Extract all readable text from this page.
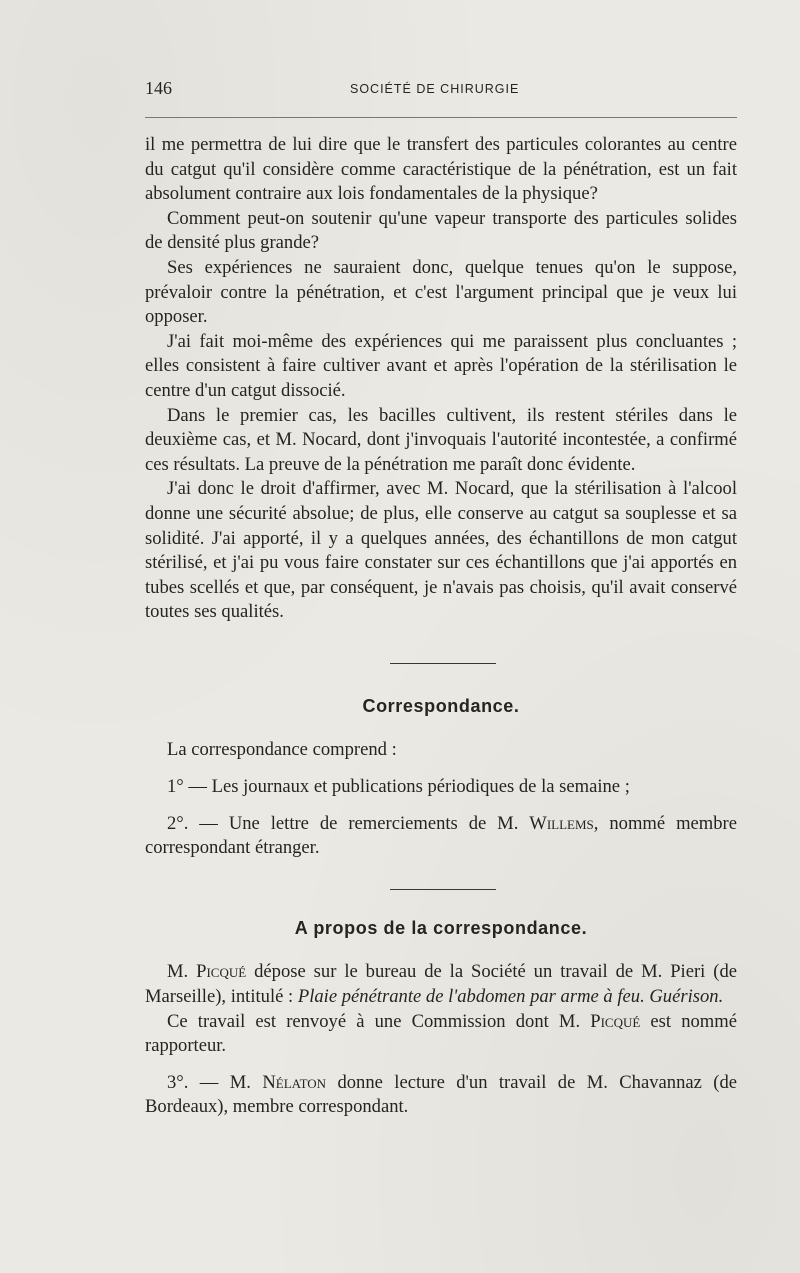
146	SOCIÉTÉ DE CHIRURGIE

il me permettra de lui dire que le transfert des particules colorantes au centre du catgut qu'il considère comme caractéristique de la pénétration, est un fait absolument contraire aux lois fondamentales de la physique?

Comment peut-on soutenir qu'une vapeur transporte des particules solides de densité plus grande?

Ses expériences ne sauraient donc, quelque tenues qu'on le suppose, prévaloir contre la pénétration, et c'est l'argument principal que je veux lui opposer.

J'ai fait moi-même des expériences qui me paraissent plus concluantes ; elles consistent à faire cultiver avant et après l'opération de la stérilisation le centre d'un catgut dissocié.

Dans le premier cas, les bacilles cultivent, ils restent stériles dans le deuxième cas, et M. Nocard, dont j'invoquais l'autorité incontestée, a confirmé ces résultats. La preuve de la pénétration me paraît donc évidente.

J'ai donc le droit d'affirmer, avec M. Nocard, que la stérilisation à l'alcool donne une sécurité absolue; de plus, elle conserve au catgut sa souplesse et sa solidité. J'ai apporté, il y a quelques années, des échantillons de mon catgut stérilisé, et j'ai pu vous faire constater sur ces échantillons que j'ai apportés en tubes scellés et que, par conséquent, je n'avais pas choisis, qu'il avait conservé toutes ses qualités.

Correspondance.

La correspondance comprend :

1° — Les journaux et publications périodiques de la semaine ;

2°. — Une lettre de remerciements de M. Willems, nommé membre correspondant étranger.

A propos de la correspondance.

M. Picqué dépose sur le bureau de la Société un travail de M. Pieri (de Marseille), intitulé : Plaie pénétrante de l'abdomen par arme à feu. Guérison.

Ce travail est renvoyé à une Commission dont M. Picqué est nommé rapporteur.

3°. — M. Nélaton donne lecture d'un travail de M. Chavannaz (de Bordeaux), membre correspondant.
